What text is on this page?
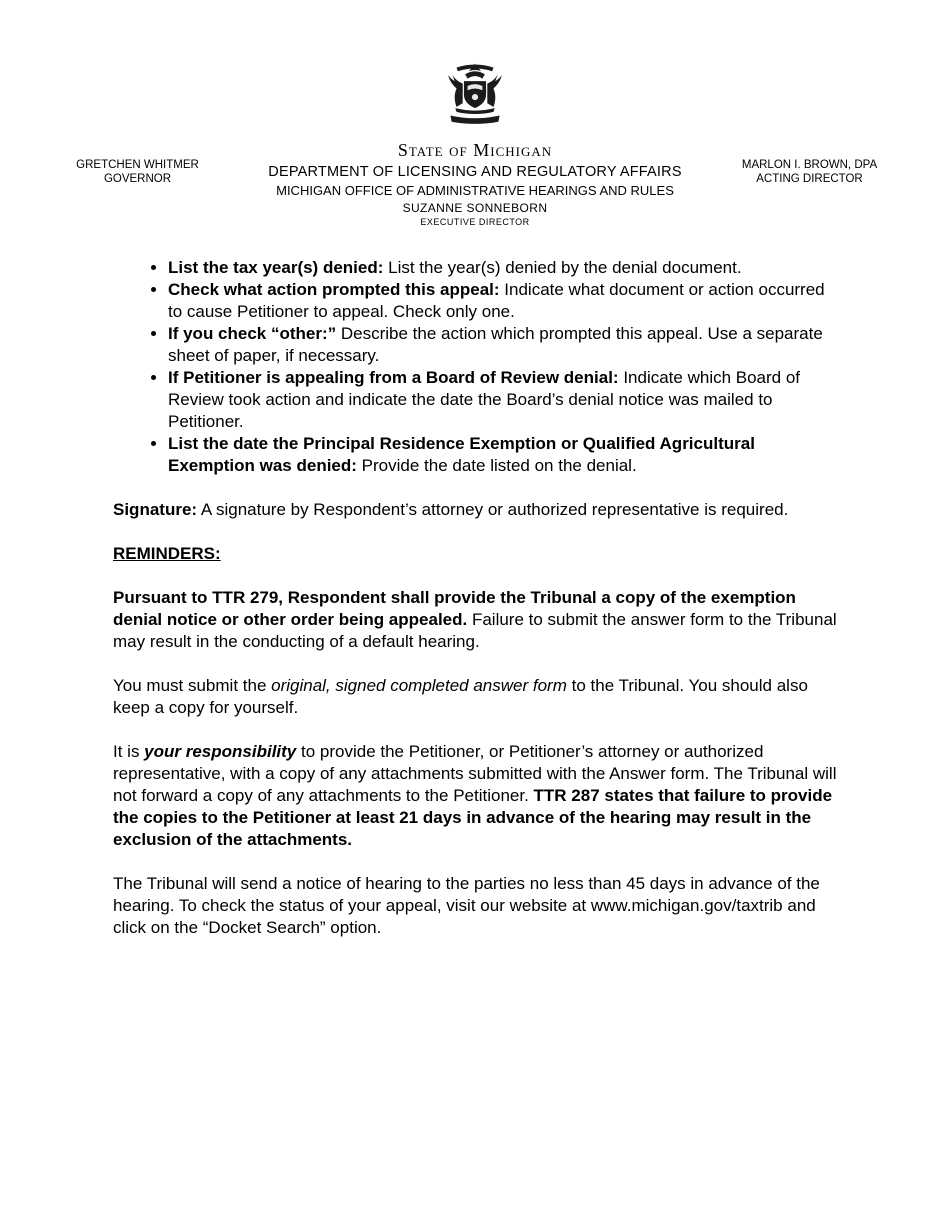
GRETCHEN WHITMER
GOVERNOR
MARLON I. BROWN, DPA
ACTING DIRECTOR
State of Michigan
DEPARTMENT OF LICENSING AND REGULATORY AFFAIRS
MICHIGAN OFFICE OF ADMINISTRATIVE HEARINGS AND RULES
SUZANNE SONNEBORN
EXECUTIVE DIRECTOR
• List the tax year(s) denied: List the year(s) denied by the denial document.
• Check what action prompted this appeal: Indicate what document or action occurred to cause Petitioner to appeal. Check only one.
• If you check “other:” Describe the action which prompted this appeal. Use a separate sheet of paper, if necessary.
• If Petitioner is appealing from a Board of Review denial: Indicate which Board of Review took action and indicate the date the Board’s denial notice was mailed to Petitioner.
• List the date the Principal Residence Exemption or Qualified Agricultural Exemption was denied: Provide the date listed on the denial.

Signature: A signature by Respondent’s attorney or authorized representative is required.

REMINDERS:

Pursuant to TTR 279, Respondent shall provide the Tribunal a copy of the exemption denial notice or other order being appealed. Failure to submit the answer form to the Tribunal may result in the conducting of a default hearing.

You must submit the original, signed completed answer form to the Tribunal. You should also keep a copy for yourself.

It is your responsibility to provide the Petitioner, or Petitioner’s attorney or authorized representative, with a copy of any attachments submitted with the Answer form. The Tribunal will not forward a copy of any attachments to the Petitioner. TTR 287 states that failure to provide the copies to the Petitioner at least 21 days in advance of the hearing may result in the exclusion of the attachments.

The Tribunal will send a notice of hearing to the parties no less than 45 days in advance of the hearing. To check the status of your appeal, visit our website at www.michigan.gov/taxtrib and click on the “Docket Search” option.
